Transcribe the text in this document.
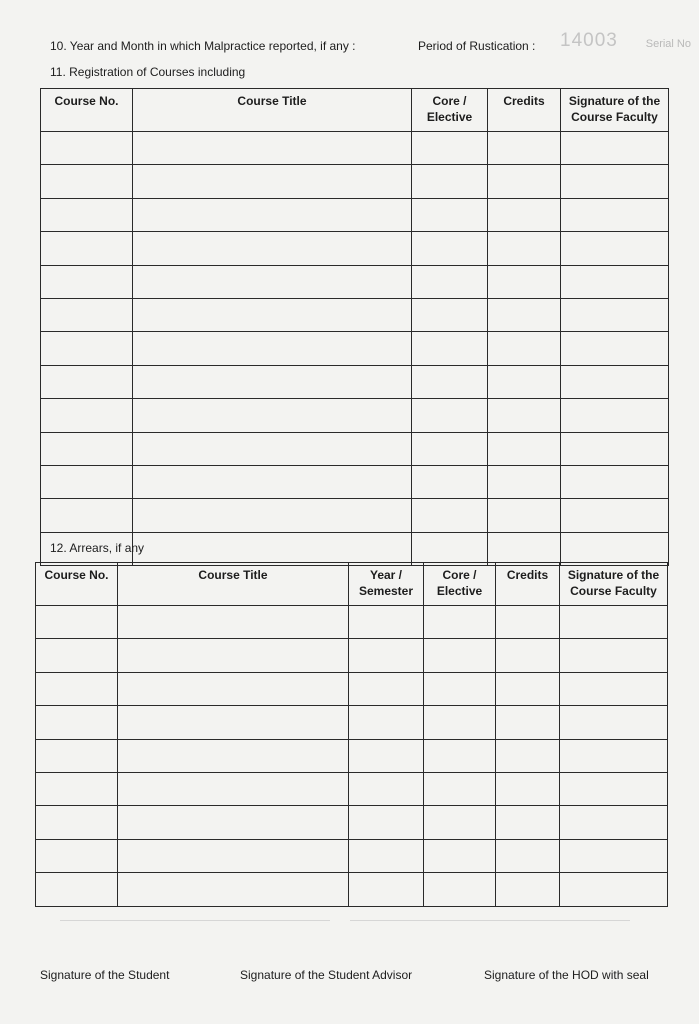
14003	Serial No
10. Year and Month in which Malpractice reported, if any :	Period of Rustication :
11. Registration of Courses including
Course No.	Course Title	Core / Elective	Credits	Signature of the Course Faculty

12. Arrears, if any
Course No.	Course Title	Year / Semester	Core / Elective	Credits	Signature of the Course Faculty

Signature of the Student	Signature of the Student Advisor	Signature of the HOD with seal
